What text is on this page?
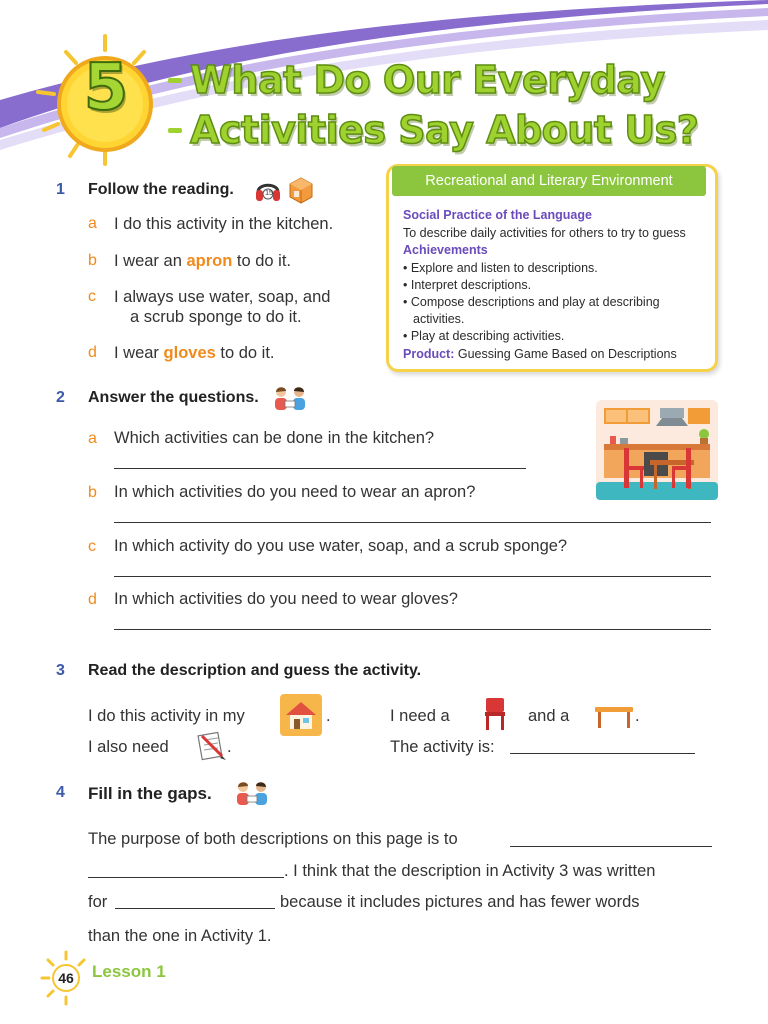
5	What Do Our Everyday
Activities Say About Us?
Recreational and Literary Environment
Social Practice of the Language
To describe daily activities for others to try to guess
Achievements
• Explore and listen to descriptions.
• Interpret descriptions.
• Compose descriptions and play at describing
activities.
• Play at describing activities.
Product: Guessing Game Based on Descriptions
1 Follow the reading.	15
a I do this activity in the kitchen.
b I wear an apron to do it.
c I always use water, soap, and
a scrub sponge to do it.
d I wear gloves to do it.
2 Answer the questions.
a Which activities can be done in the kitchen?
b In which activities do you need to wear an apron?
c In which activity do you use water, soap, and a scrub sponge?
d In which activities do you need to wear gloves?
3 Read the description and guess the activity.
I do this activity in my	.
I also need	.
I need a	and a	.
The activity is:
4 Fill in the gaps.
The purpose of both descriptions on this page is to
. I think that the description in Activity 3 was written
for	because it includes pictures and has fewer words
than the one in Activity 1.
46	Lesson 1
